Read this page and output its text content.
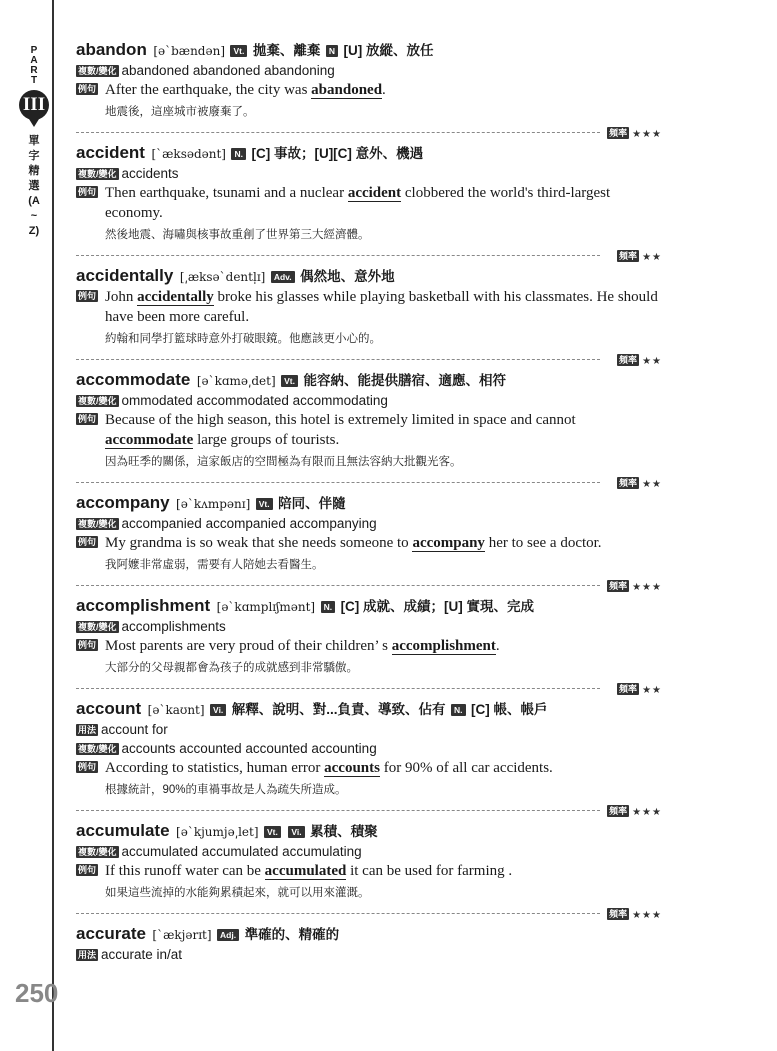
PART
III
單字精選(A~Z)
250
abandon [əˋbændən] Vt. 拋棄、離棄 N [U] 放縱、放任
複數/變化 abandoned abandoned abandoning
例句 After the earthquake, the city was abandoned.
地震後，這座城市被廢棄了。
頻率 ★★★
accident [ˋæksədənt] N. [C] 事故；[U][C] 意外、機遇
複數/變化 accidents
例句 Then earthquake, tsunami and a nuclear accident clobbered the world's third-largest
economy.
然後地震、海嘯與核事故重創了世界第三大經濟體。
頻率 ★★
accidentally [͵æksəˋdentl̩ɪ] Adv. 偶然地、意外地
例句 John accidentally broke his glasses while playing basketball with his classmates. He should
have been more careful.
約翰和同學打籃球時意外打破眼鏡。他應該更小心的。
頻率 ★★
accommodate [əˋkɑmə͵det] Vt. 能容納、能提供膳宿、適應、相符
複數/變化 ommodated accommodated accommodating
例句 Because of the high season, this hotel is extremely limited in space and cannot
accommodate large groups of tourists.
因為旺季的關係，這家飯店的空間極為有限而且無法容納大批觀光客。
頻率 ★★
accompany [əˋkʌmpənɪ] Vt. 陪同、伴隨
複數/變化 accompanied accompanied accompanying
例句 My grandma is so weak that she needs someone to accompany her to see a doctor.
我阿嬤非常虛弱，需要有人陪她去看醫生。
頻率 ★★★
accomplishment [əˋkɑmplɪʃmənt] N. [C] 成就、成績；[U] 實現、完成
複數/變化 accomplishments
例句 Most parents are very proud of their children’ s accomplishment.
大部分的父母親都會為孩子的成就感到非常驕傲。
頻率 ★★
account [əˋkaʊnt] Vi. 解釋、說明、對...負責、導致、佔有 N. [C] 帳、帳戶
用法 account for
複數/變化 accounts accounted accounted accounting
例句 According to statistics, human error accounts for 90% of all car accidents.
根據統計，90%的車禍事故是人為疏失所造成。
頻率 ★★★
accumulate [əˋkjumjə͵let] Vt. Vi. 累積、積聚
複數/變化 accumulated accumulated accumulating
例句 If this runoff water can be accumulated it can be used for farming .
如果這些流掉的水能夠累積起來，就可以用來灌溉。
頻率 ★★★
accurate [ˋækjərɪt] Adj. 準確的、精確的
用法 accurate in/at
